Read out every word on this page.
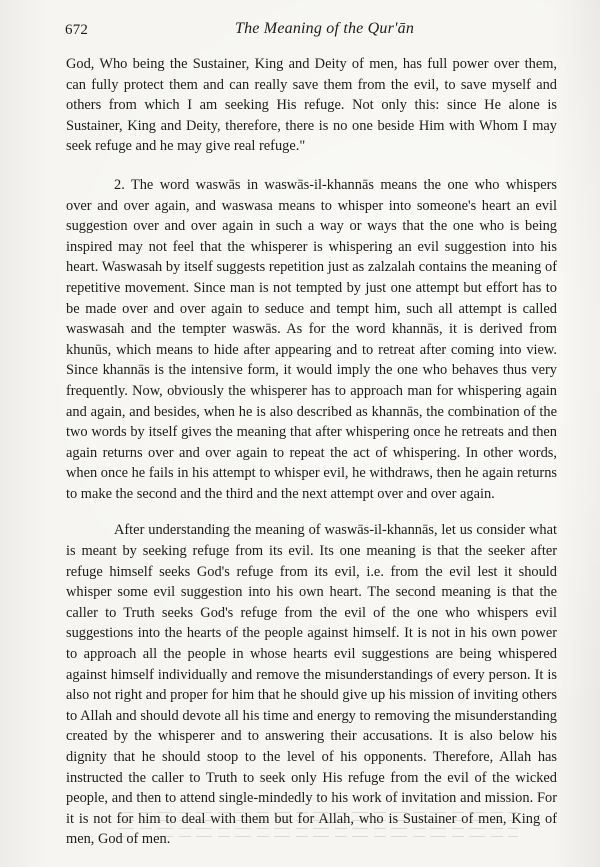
672	The Meaning of the Qur'ān

God, Who being the Sustainer, King and Deity of men, has full power over them, can fully protect them and can really save them from the evil, to save myself and others from which I am seeking His refuge. Not only this: since He alone is Sustainer, King and Deity, therefore, there is no one beside Him with Whom I may seek refuge and he may give real refuge."

2. The word waswās in waswās-il-khannās means the one who whispers over and over again, and waswasa means to whisper into someone's heart an evil suggestion over and over again in such a way or ways that the one who is being inspired may not feel that the whisperer is whispering an evil suggestion into his heart. Waswasah by itself suggests repetition just as zalzalah contains the meaning of repetitive movement. Since man is not tempted by just one attempt but effort has to be made over and over again to seduce and tempt him, such all attempt is called waswasah and the tempter waswās. As for the word khannās, it is derived from khunūs, which means to hide after appearing and to retreat after coming into view. Since khannās is the intensive form, it would imply the one who behaves thus very frequently. Now, obviously the whisperer has to approach man for whispering again and again, and besides, when he is also described as khannās, the combination of the two words by itself gives the meaning that after whispering once he retreats and then again returns over and over again to repeat the act of whispering. In other words, when once he fails in his attempt to whisper evil, he withdraws, then he again returns to make the second and the third and the next attempt over and over again.

After understanding the meaning of waswās-il-khannās, let us consider what is meant by seeking refuge from its evil. Its one meaning is that the seeker after refuge himself seeks God's refuge from its evil, i.e. from the evil lest it should whisper some evil suggestion into his own heart. The second meaning is that the caller to Truth seeks God's refuge from the evil of the one who whispers evil suggestions into the hearts of the people against himself. It is not in his own power to approach all the people in whose hearts evil suggestions are being whispered against himself individually and remove the misunderstandings of every person. It is also not right and proper for him that he should give up his mission of inviting others to Allah and should devote all his time and energy to removing the misunderstanding created by the whisperer and to answering their accusations. It is also below his dignity that he should stoop to the level of his opponents. Therefore, Allah has instructed the caller to Truth to seek only His refuge from the evil of the wicked people, and then to attend single-mindedly to his work of invitation and mission. For it is not for him to deal with them but for Allah, who is Sustainer of men, King of men, God of men.
